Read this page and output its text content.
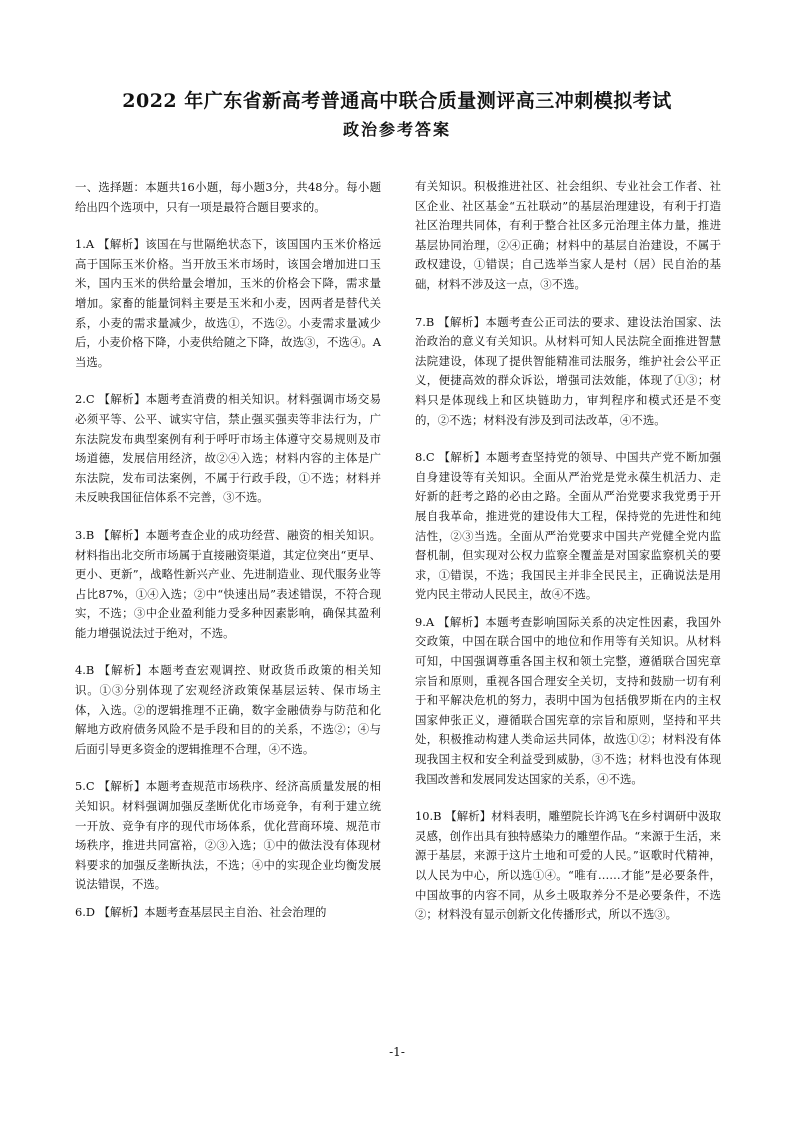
2022 年广东省新高考普通高中联合质量测评高三冲刺模拟考试
政治参考答案

一、选择题：本题共16小题，每小题3分，共48分。每小题给出四个选项中，只有一项是最符合题目要求的。

1.A 【解析】该国在与世隔绝状态下，该国国内玉米价格远高于国际玉米价格。当开放玉米市场时，该国会增加进口玉米，国内玉米的供给量会增加，玉米的价格会下降，需求量增加。家畜的能量饲料主要是玉米和小麦，因两者是替代关系，小麦的需求量减少，故选①，不选②。小麦需求量减少后，小麦价格下降，小麦供给随之下降，故选③，不选④。A当选。

2.C 【解析】本题考查消费的相关知识。材料强调市场交易必须平等、公平、诚实守信，禁止强买强卖等非法行为，广东法院发布典型案例有利于呼吁市场主体遵守交易规则及市场道德，发展信用经济，故②④入选；材料内容的主体是广东法院，发布司法案例，不属于行政手段，①不选；材料并未反映我国征信体系不完善，③不选。

3.B 【解析】本题考查企业的成功经营、融资的相关知识。材料指出北交所市场属于直接融资渠道，其定位突出“更早、更小、更新”，战略性新兴产业、先进制造业、现代服务业等占比87%，①④入选；②中“快速出局”表述错误，不符合现实，不选；③中企业盈利能力受多种因素影响，确保其盈利能力增强说法过于绝对，不选。

4.B 【解析】本题考查宏观调控、财政货币政策的相关知识。①③分别体现了宏观经济政策保基层运转、保市场主体，入选。②的逻辑推理不正确，数字金融债券与防范和化解地方政府债务风险不是手段和目的的关系，不选②；④与后面引导更多资金的逻辑推理不合理，④不选。

5.C 【解析】本题考查规范市场秩序、经济高质量发展的相关知识。材料强调加强反垄断优化市场竞争，有利于建立统一开放、竞争有序的现代市场体系，优化营商环境、规范市场秩序，推进共同富裕，②③入选；①中的做法没有体现材料要求的加强反垄断执法，不选；④中的实现企业均衡发展说法错误，不选。

6.D 【解析】本题考查基层民主自治、社会治理的

有关知识。积极推进社区、社会组织、专业社会工作者、社区企业、社区基金“五社联动”的基层治理建设，有利于打造社区治理共同体，有利于整合社区多元治理主体力量，推进基层协同治理，②④正确；材料中的基层自治建设，不属于政权建设，①错误；自己选举当家人是村（居）民自治的基础，材料不涉及这一点，③不选。

7.B 【解析】本题考查公正司法的要求、建设法治国家、法治政治的意义有关知识。从材料可知人民法院全面推进智慧法院建设，体现了提供智能精准司法服务，维护社会公平正义，便捷高效的群众诉讼，增强司法效能，体现了①③；材料只是体现线上和区块链助力，审判程序和模式还是不变的，②不选；材料没有涉及到司法改革，④不选。

8.C 【解析】本题考查坚持党的领导、中国共产党不断加强自身建设等有关知识。全面从严治党是党永葆生机活力、走好新的赶考之路的必由之路。全面从严治党要求我党勇于开展自我革命，推进党的建设伟大工程，保持党的先进性和纯洁性，②③当选。全面从严治党要求中国共产党健全党内监督机制，但实现对公权力监察全覆盖是对国家监察机关的要求，①错误，不选；我国民主并非全民民主，正确说法是用党内民主带动人民民主，故④不选。

9.A 【解析】本题考查影响国际关系的决定性因素，我国外交政策，中国在联合国中的地位和作用等有关知识。从材料可知，中国强调尊重各国主权和领土完整，遵循联合国宪章宗旨和原则，重视各国合理安全关切，支持和鼓励一切有利于和平解决危机的努力，表明中国为包括俄罗斯在内的主权国家伸张正义，遵循联合国宪章的宗旨和原则，坚持和平共处，积极推动构建人类命运共同体，故选①②；材料没有体现我国主权和安全利益受到威胁，③不选；材料也没有体现我国改善和发展同发达国家的关系，④不选。

10.B 【解析】材料表明，雕塑院长许鸿飞在乡村调研中汲取灵感，创作出具有独特感染力的雕塑作品。“来源于生活，来源于基层，来源于这片土地和可爱的人民。”讴歌时代精神，以人民为中心，所以选①④。“唯有……才能”是必要条件，中国故事的内容不同，从乡土吸取养分不是必要条件，不选②；材料没有显示创新文化传播形式，所以不选③。

-1-
